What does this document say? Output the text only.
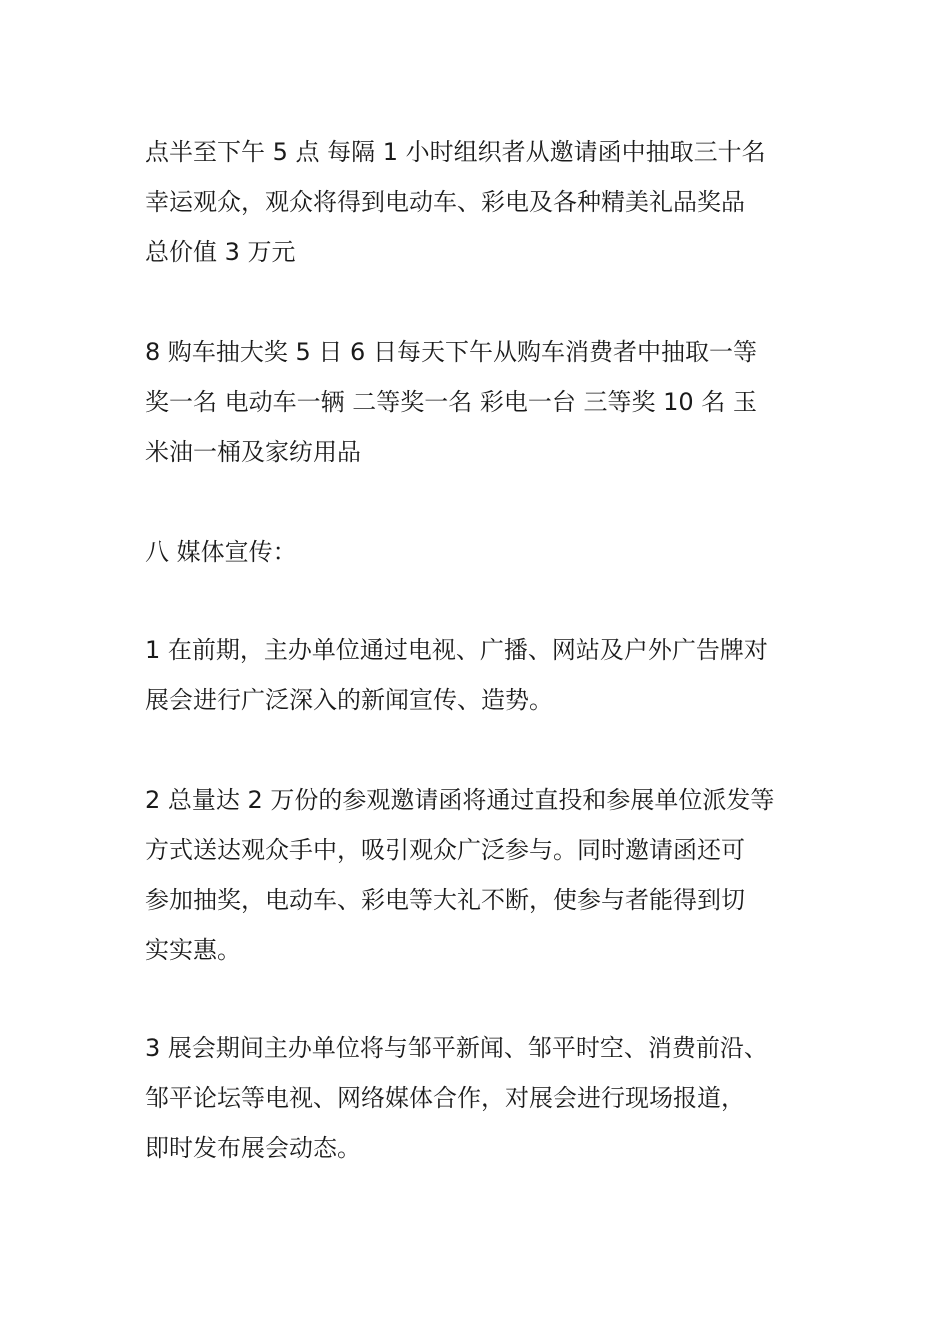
点半至下午 5 点 每隔 1 小时组织者从邀请函中抽取三十名
幸运观众，观众将得到电动车、彩电及各种精美礼品奖品
总价值 3 万元
8 购车抽大奖 5 日 6 日每天下午从购车消费者中抽取一等
奖一名 电动车一辆 二等奖一名 彩电一台 三等奖 10 名 玉
米油一桶及家纺用品
八 媒体宣传：
1 在前期，主办单位通过电视、广播、网站及户外广告牌对
展会进行广泛深入的新闻宣传、造势。
2 总量达 2 万份的参观邀请函将通过直投和参展单位派发等
方式送达观众手中，吸引观众广泛参与。同时邀请函还可
参加抽奖，电动车、彩电等大礼不断，使参与者能得到切
实实惠。
3 展会期间主办单位将与邹平新闻、邹平时空、消费前沿、
邹平论坛等电视、网络媒体合作，对展会进行现场报道，
即时发布展会动态。
